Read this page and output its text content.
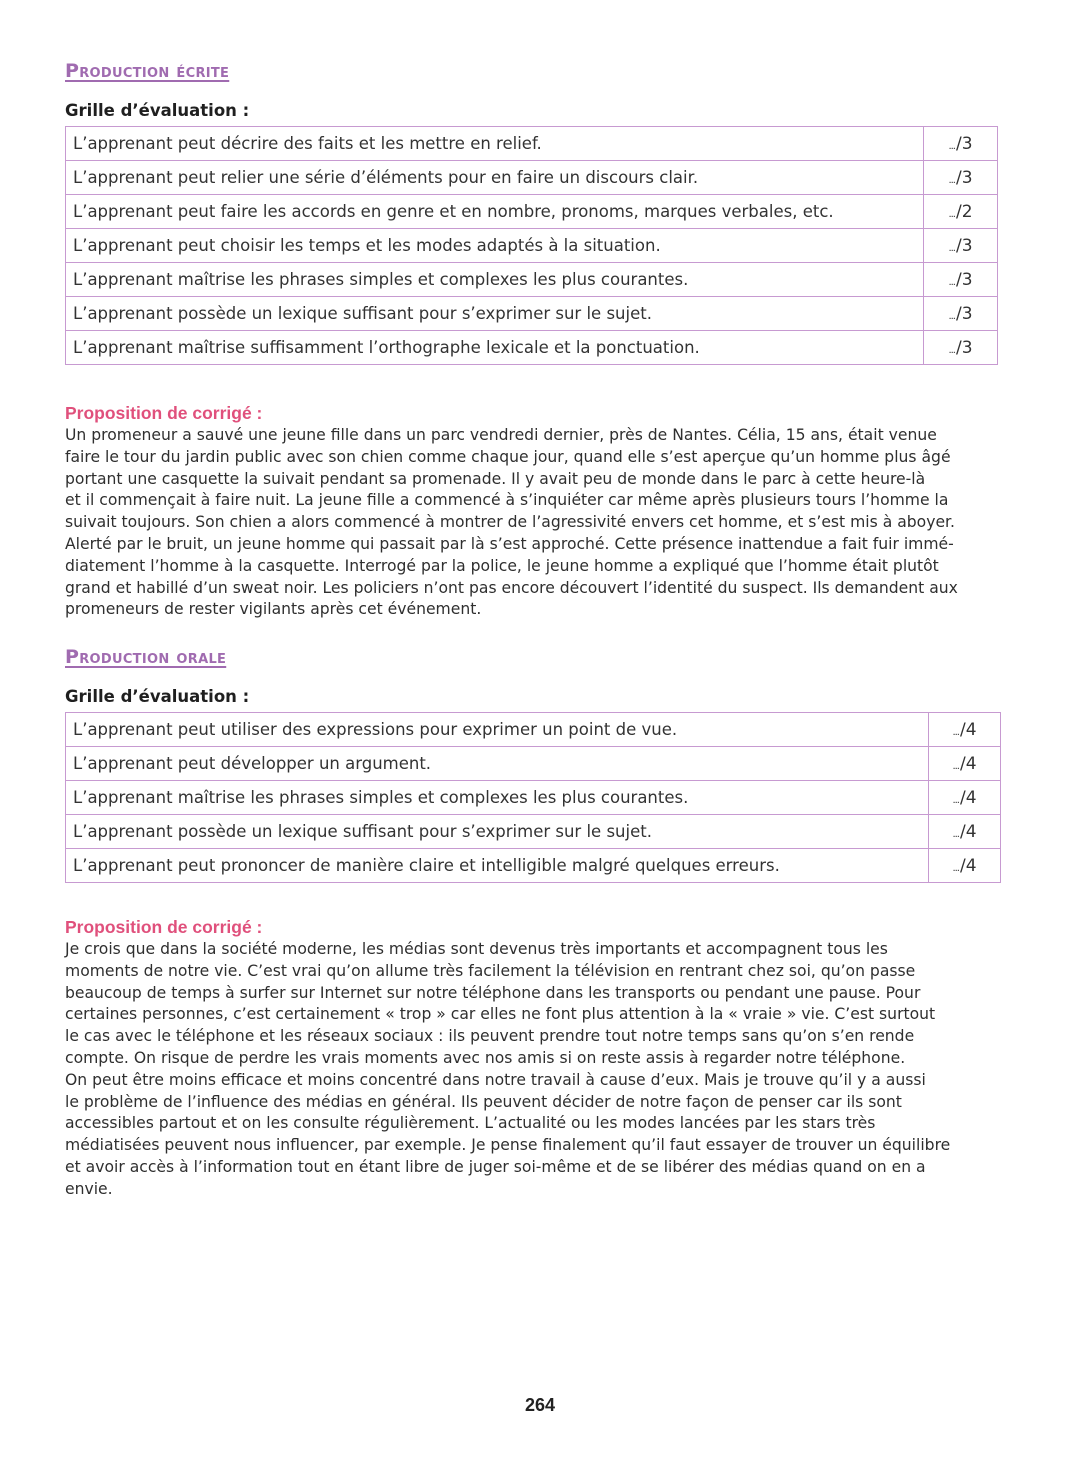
Production écrite
Grille d’évaluation :
L’apprenant peut décrire des faits et les mettre en relief.	.../3
L’apprenant peut relier une série d’éléments pour en faire un discours clair.	.../3
L’apprenant peut faire les accords en genre et en nombre, pronoms, marques verbales, etc.	.../2
L’apprenant peut choisir les temps et les modes adaptés à la situation.	.../3
L’apprenant maîtrise les phrases simples et complexes les plus courantes.	.../3
L’apprenant possède un lexique suffisant pour s’exprimer sur le sujet.	.../3
L’apprenant maîtrise suffisamment l’orthographe lexicale et la ponctuation.	.../3

Proposition de corrigé :

Un promeneur a sauvé une jeune fille dans un parc vendredi dernier, près de Nantes. Célia, 15 ans, était venue
faire le tour du jardin public avec son chien comme chaque jour, quand elle s’est aperçue qu’un homme plus âgé
portant une casquette la suivait pendant sa promenade. Il y avait peu de monde dans le parc à cette heure-là
et il commençait à faire nuit. La jeune fille a commencé à s’inquiéter car même après plusieurs tours l’homme la
suivait toujours. Son chien a alors commencé à montrer de l’agressivité envers cet homme, et s’est mis à aboyer.
Alerté par le bruit, un jeune homme qui passait par là s’est approché. Cette présence inattendue a fait fuir immé-
diatement l’homme à la casquette. Interrogé par la police, le jeune homme a expliqué que l’homme était plutôt
grand et habillé d’un sweat noir. Les policiers n’ont pas encore découvert l’identité du suspect. Ils demandent aux
promeneurs de rester vigilants après cet événement.
Production orale
Grille d’évaluation :
L’apprenant peut utiliser des expressions pour exprimer un point de vue.	.../4
L’apprenant peut développer un argument.	.../4
L’apprenant maîtrise les phrases simples et complexes les plus courantes.	.../4
L’apprenant possède un lexique suffisant pour s’exprimer sur le sujet.	.../4
L’apprenant peut prononcer de manière claire et intelligible malgré quelques erreurs.	.../4

Proposition de corrigé :

Je crois que dans la société moderne, les médias sont devenus très importants et accompagnent tous les
moments de notre vie. C’est vrai qu’on allume très facilement la télévision en rentrant chez soi, qu’on passe
beaucoup de temps à surfer sur Internet sur notre téléphone dans les transports ou pendant une pause. Pour
certaines personnes, c’est certainement « trop » car elles ne font plus attention à la « vraie » vie. C’est surtout
le cas avec le téléphone et les réseaux sociaux : ils peuvent prendre tout notre temps sans qu’on s’en rende
compte. On risque de perdre les vrais moments avec nos amis si on reste assis à regarder notre téléphone.
On peut être moins efficace et moins concentré dans notre travail à cause d’eux. Mais je trouve qu’il y a aussi
le problème de l’influence des médias en général. Ils peuvent décider de notre façon de penser car ils sont
accessibles partout et on les consulte régulièrement. L’actualité ou les modes lancées par les stars très
médiatisées peuvent nous influencer, par exemple. Je pense finalement qu’il faut essayer de trouver un équilibre
et avoir accès à l’information tout en étant libre de juger soi-même et de se libérer des médias quand on en a
envie.
264
